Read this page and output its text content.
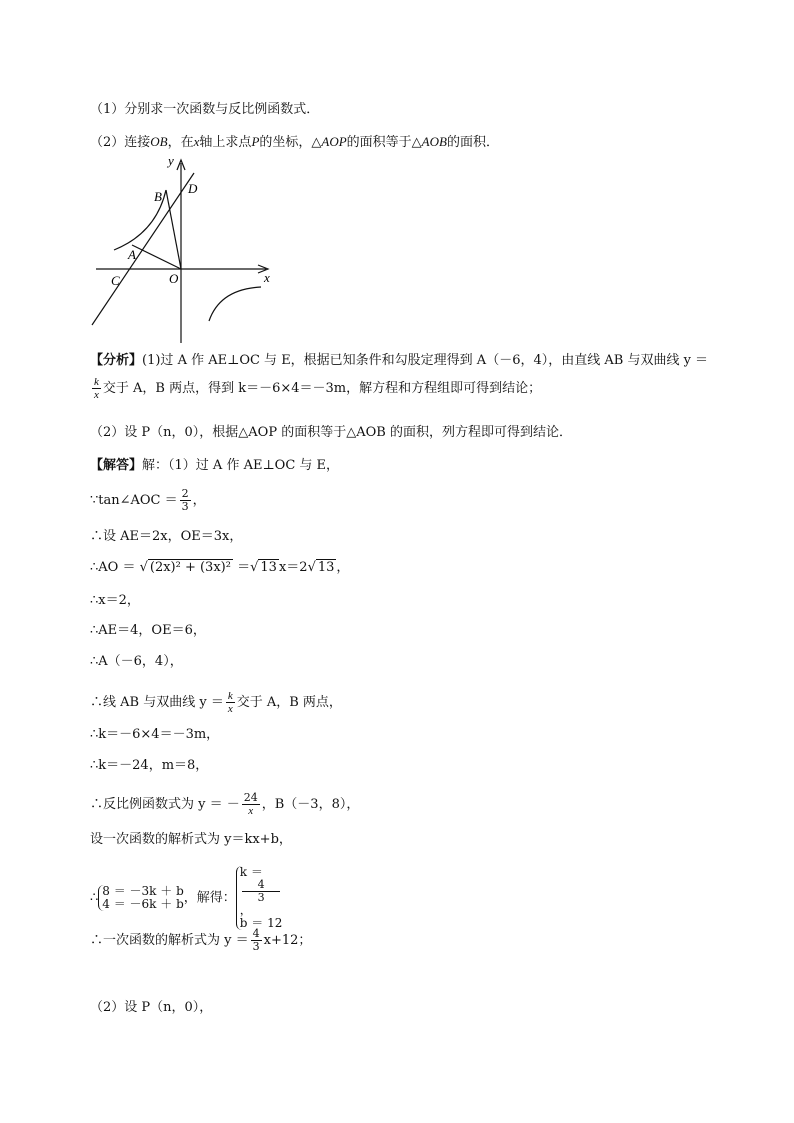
（1）分别求一次函数与反比例函数式．
（2）连接OB，在x轴上求点P的坐标，△AOP的面积等于△AOB的面积．
y
x
B
D
A
C	O
【分析】(1)过 A 作 AE⊥OC 与 E，根据已知条件和勾股定理得到 A（－6，4），由直线 AB 与双曲线 y ＝
$\frac{k}{x}$ 交于 A，B 两点，得到 k＝－6×4＝－3m，解方程和方程组即可得到结论；
（2）设 P（n，0），根据△AOP 的面积等于△AOB 的面积，列方程即可得到结论．
【解答】解：（1）过 A 作 AE⊥OC 与 E，
∵tan∠AOC ＝ $\frac{2}{3}$ ，
∴设 AE＝2x，OE＝3x，
∴AO ＝ √ (2x)² + (3x)² ＝√ 13 x＝2√ 13 ，
∴x＝2，
∴AE＝4，OE＝6，
∴A（－6，4），
∴线 AB 与双曲线 $y = \frac{k}{x}$ 交于 A，B 两点，
∴k＝－6×4＝－3m，
∴k＝－24，m＝8，
∴反比例函数式为 y ＝ － $\frac{24}{x}$ ，B（－3，8），
设一次函数的解析式为 y＝kx+b，
∴ 8 ＝ －3k ＋ b
4 ＝ －6k ＋ b ，解得：
k ＝
4
3
，
b ＝ 12
∴一次函数的解析式为 $y = \frac{4}{3} x+12$；
（2）设 P（n，0），
